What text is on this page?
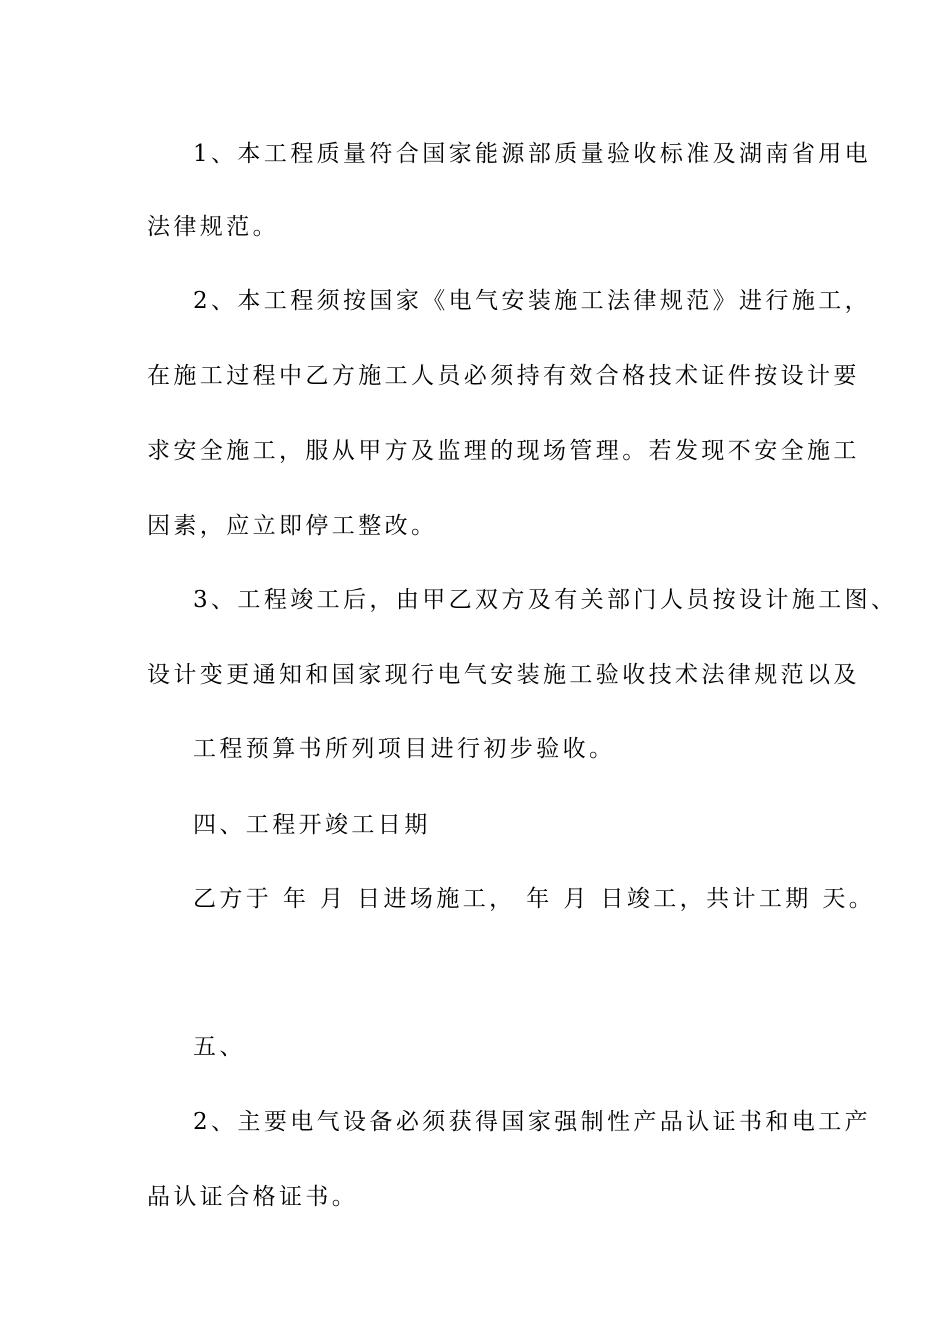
1、本工程质量符合国家能源部质量验收标准及湖南省用电
法律规范。
2、本工程须按国家《电气安装施工法律规范》进行施工，
在施工过程中乙方施工人员必须持有效合格技术证件按设计要
求安全施工，服从甲方及监理的现场管理。若发现不安全施工
因素，应立即停工整改。
3、工程竣工后，由甲乙双方及有关部门人员按设计施工图、
设计变更通知和国家现行电气安装施工验收技术法律规范以及
工程预算书所列项目进行初步验收。
四、工程开竣工日期
乙方于 年 月 日进场施工， 年 月 日竣工，共计工期 天。
五、
2、主要电气设备必须获得国家强制性产品认证书和电工产
品认证合格证书。
